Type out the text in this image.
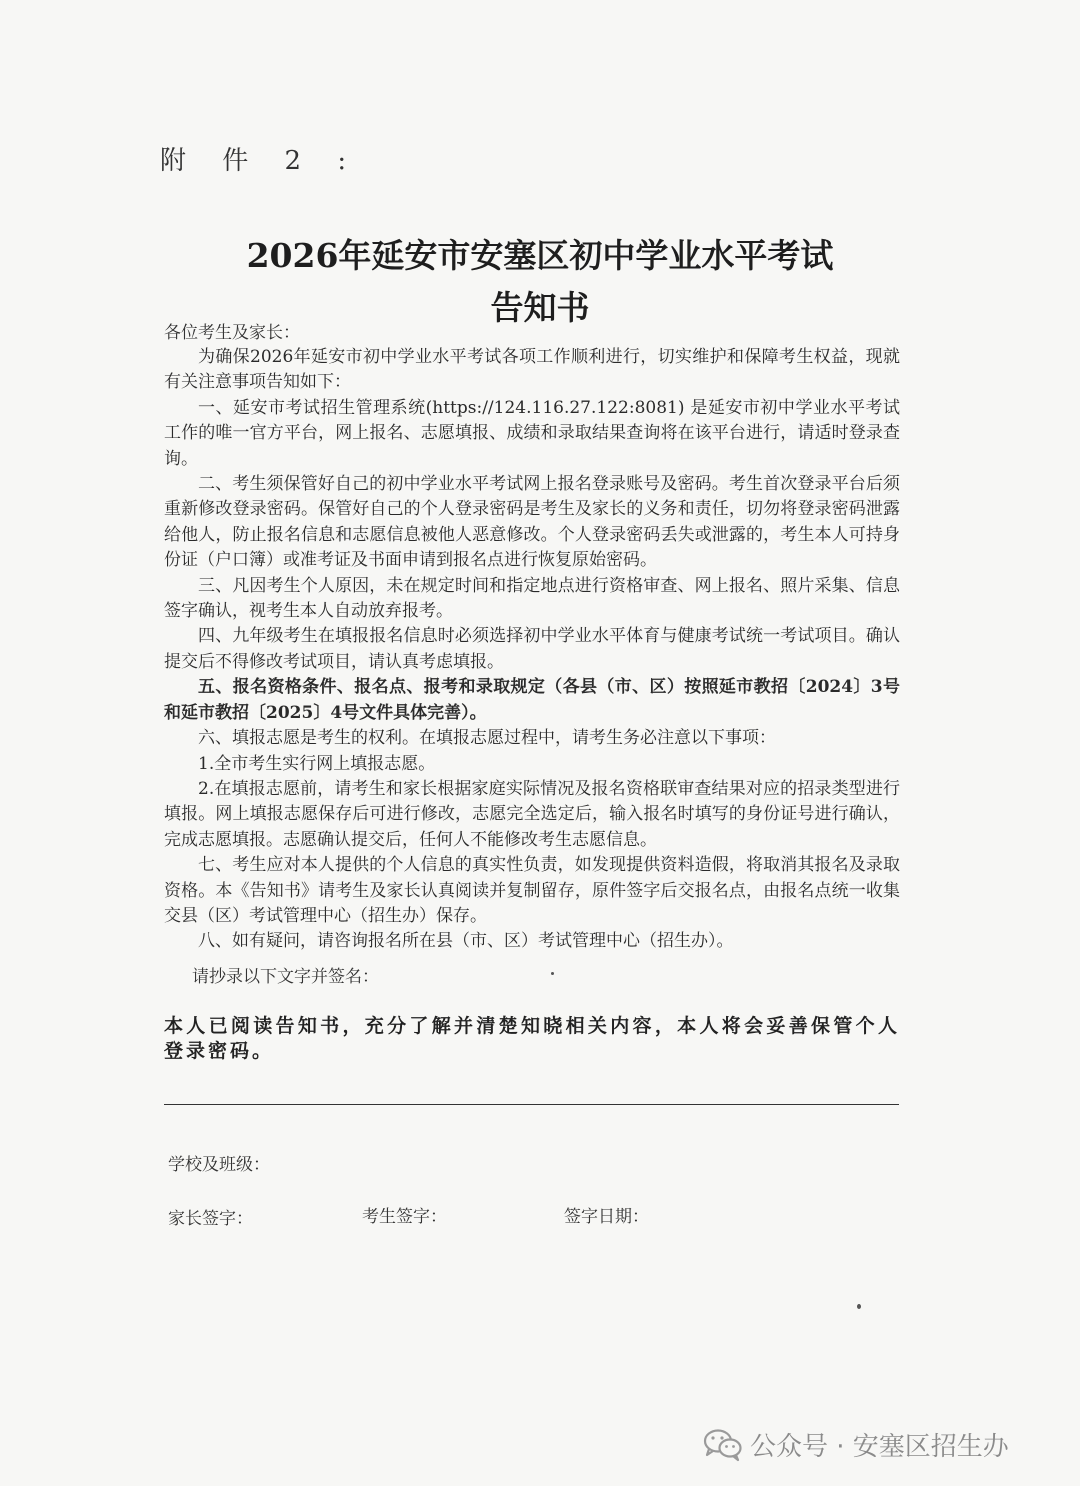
附 件 2 :
2026年延安市安塞区初中学业水平考试
告知书
各位考生及家长：

为确保2026年延安市初中学业水平考试各项工作顺利进行，切实维护和保障考生权益，现就有关注意事项告知如下：

一、延安市考试招生管理系统(https://124.116.27.122:8081) 是延安市初中学业水平考试工作的唯一官方平台，网上报名、志愿填报、成绩和录取结果查询将在该平台进行，请适时登录查询。

二、考生须保管好自己的初中学业水平考试网上报名登录账号及密码。考生首次登录平台后须重新修改登录密码。保管好自己的个人登录密码是考生及家长的义务和责任，切勿将登录密码泄露给他人，防止报名信息和志愿信息被他人恶意修改。个人登录密码丢失或泄露的，考生本人可持身份证（户口簿）或准考证及书面申请到报名点进行恢复原始密码。

三、凡因考生个人原因，未在规定时间和指定地点进行资格审查、网上报名、照片采集、信息签字确认，视考生本人自动放弃报考。

四、九年级考生在填报报名信息时必须选择初中学业水平体育与健康考试统一考试项目。确认提交后不得修改考试项目，请认真考虑填报。

五、报名资格条件、报名点、报考和录取规定（各县（市、区）按照延市教招〔2024〕3号和延市教招〔2025〕4号文件具体完善）。

六、填报志愿是考生的权利。在填报志愿过程中，请考生务必注意以下事项：

1.全市考生实行网上填报志愿。

2.在填报志愿前，请考生和家长根据家庭实际情况及报名资格联审查结果对应的招录类型进行填报。网上填报志愿保存后可进行修改，志愿完全选定后，输入报名时填写的身份证号进行确认，完成志愿填报。志愿确认提交后，任何人不能修改考生志愿信息。

七、考生应对本人提供的个人信息的真实性负责，如发现提供资料造假，将取消其报名及录取资格。本《告知书》请考生及家长认真阅读并复制留存，原件签字后交报名点，由报名点统一收集交县（区）考试管理中心（招生办）保存。

八、如有疑问，请咨询报名所在县（市、区）考试管理中心（招生办）。

请抄录以下文字并签名：
本人已阅读告知书，充分了解并清楚知晓相关内容，本人将会妥善保管个人登录密码。
学校及班级：
家长签字：	考生签字：	签字日期：
公众号 · 安塞区招生办
